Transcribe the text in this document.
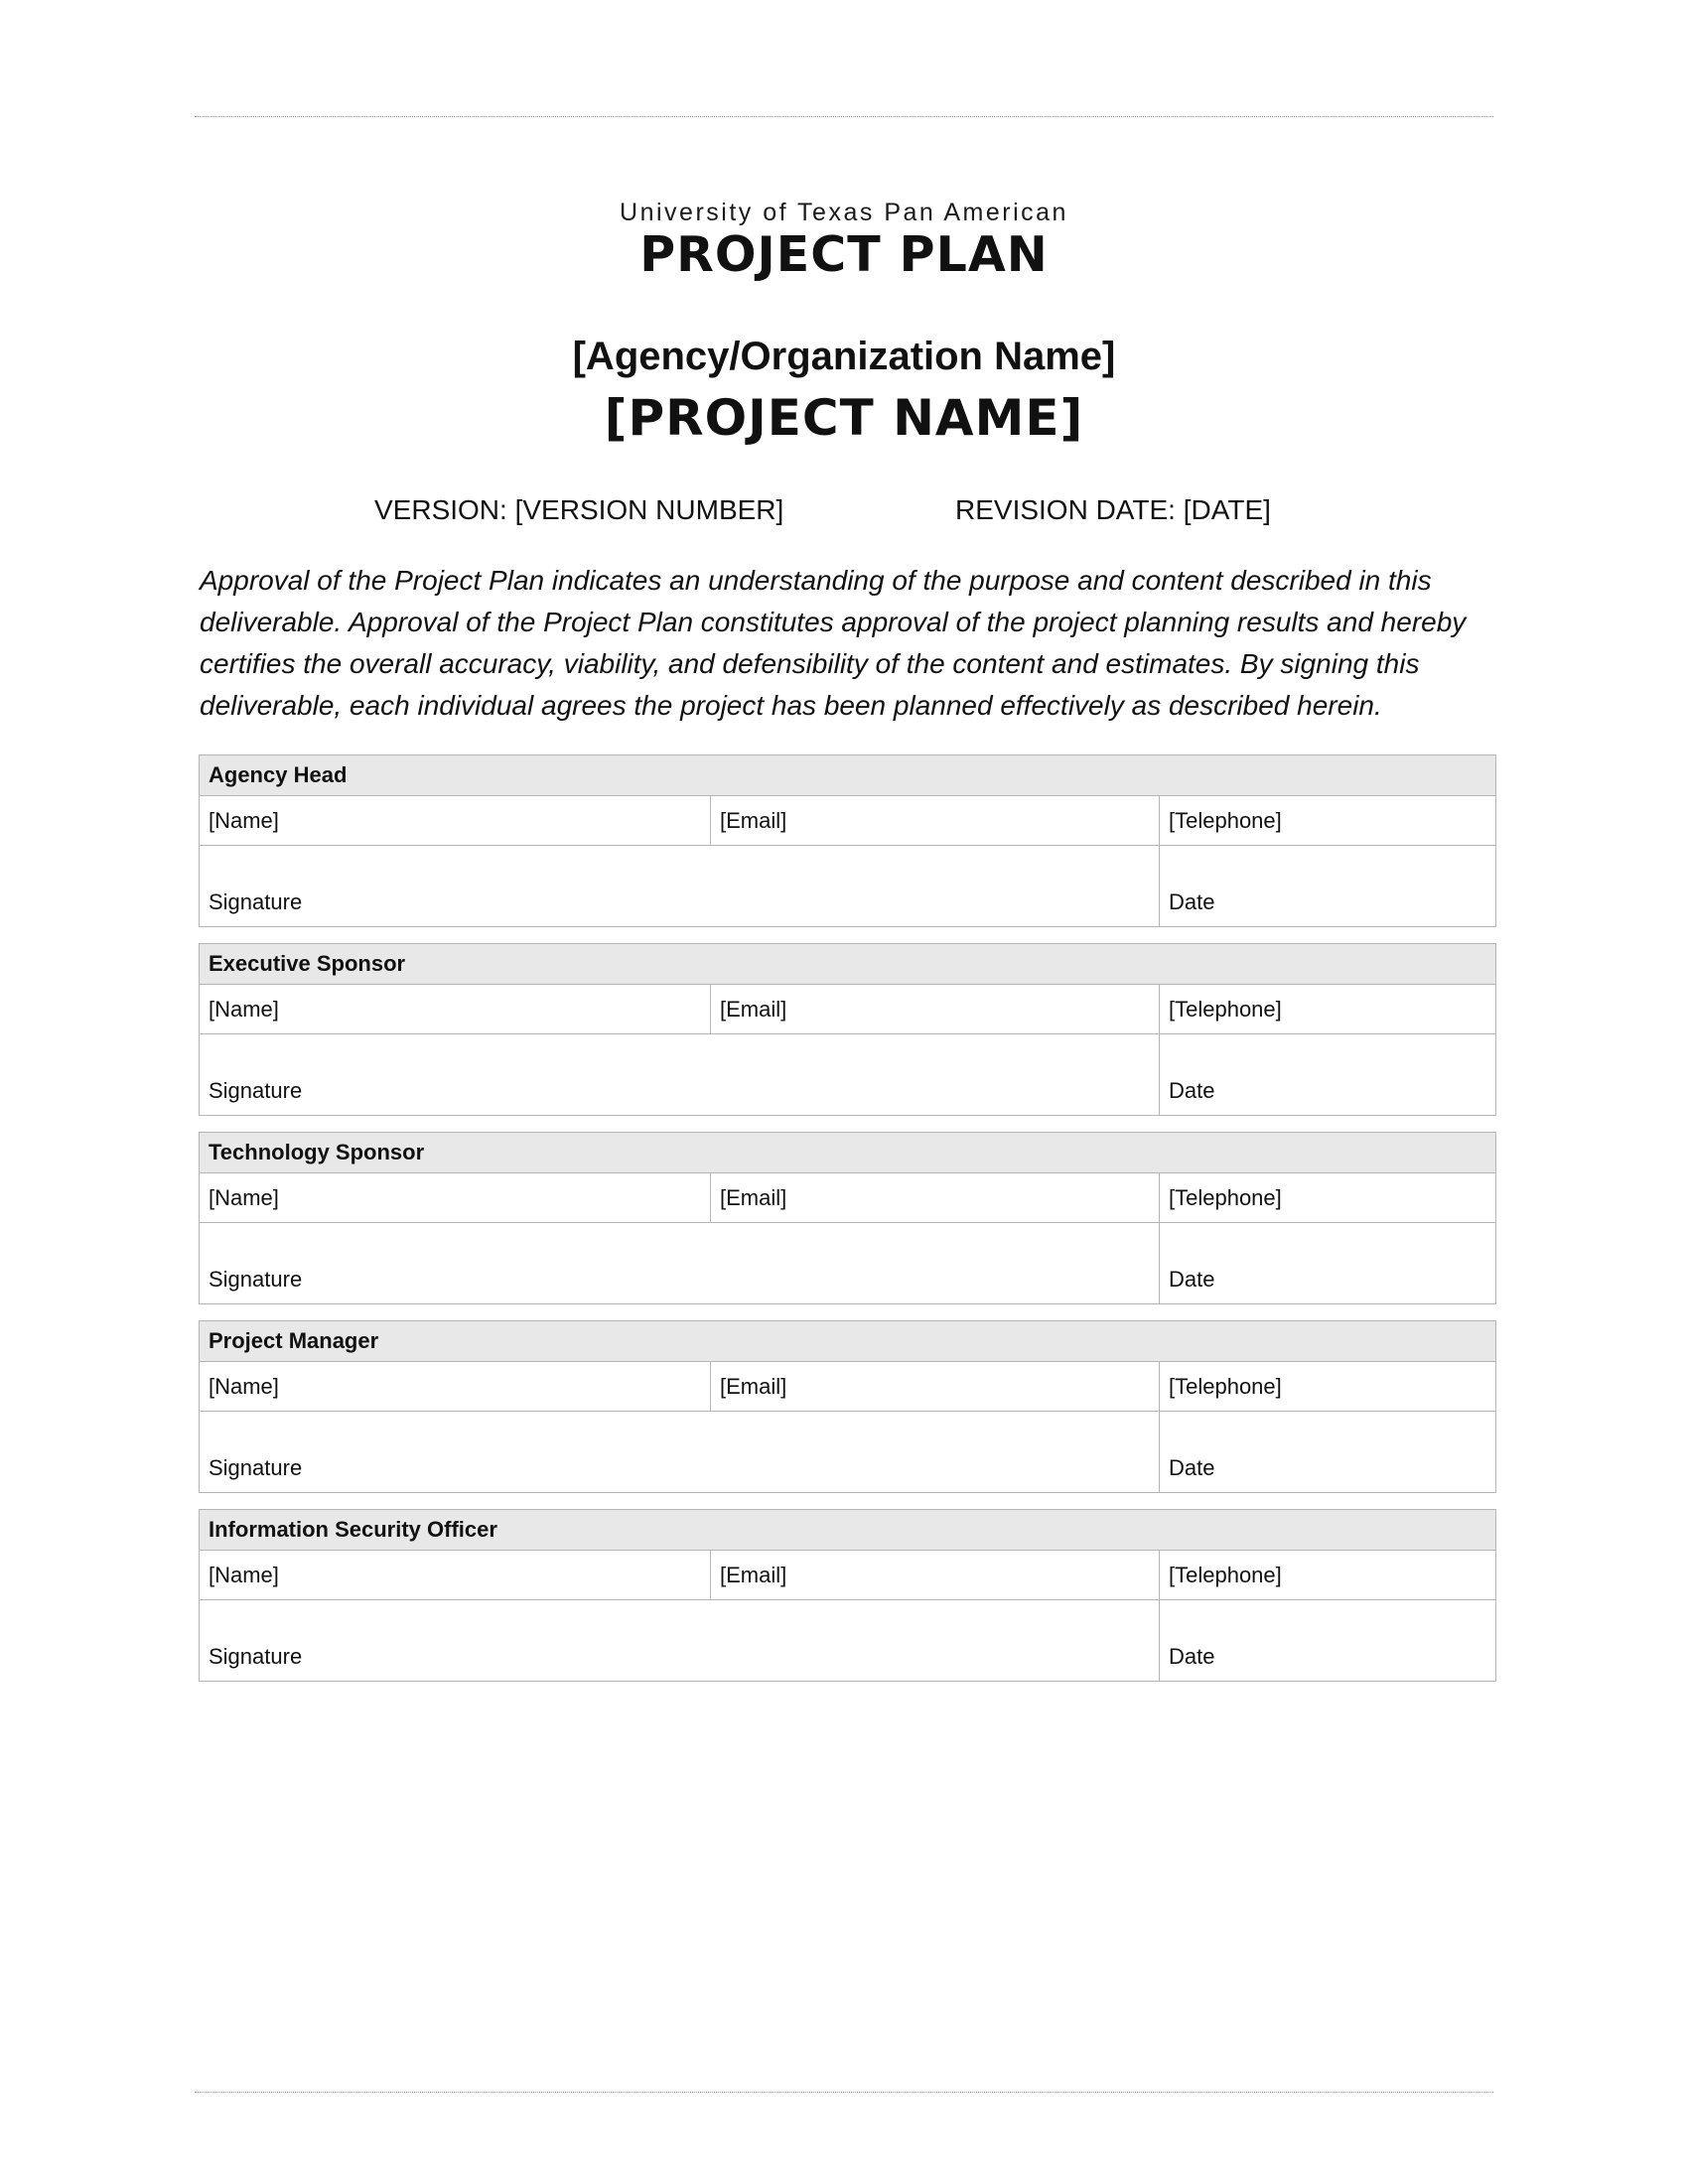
University of Texas Pan American
PROJECT PLAN
[Agency/Organization Name]
[PROJECT NAME]
VERSION: [VERSION NUMBER]	REVISION DATE: [DATE]
Approval of the Project Plan indicates an understanding of the purpose and content described in this deliverable. Approval of the Project Plan constitutes approval of the project planning results and hereby certifies the overall accuracy, viability, and defensibility of the content and estimates. By signing this deliverable, each individual agrees the project has been planned effectively as described herein.
Agency Head		
[Name]	[Email]	[Telephone]
Signature		Date
Executive Sponsor		
[Name]	[Email]	[Telephone]
Signature		Date
Technology Sponsor		
[Name]	[Email]	[Telephone]
Signature		Date
Project Manager		
[Name]	[Email]	[Telephone]
Signature		Date
Information Security Officer		
[Name]	[Email]	[Telephone]
Signature		Date
